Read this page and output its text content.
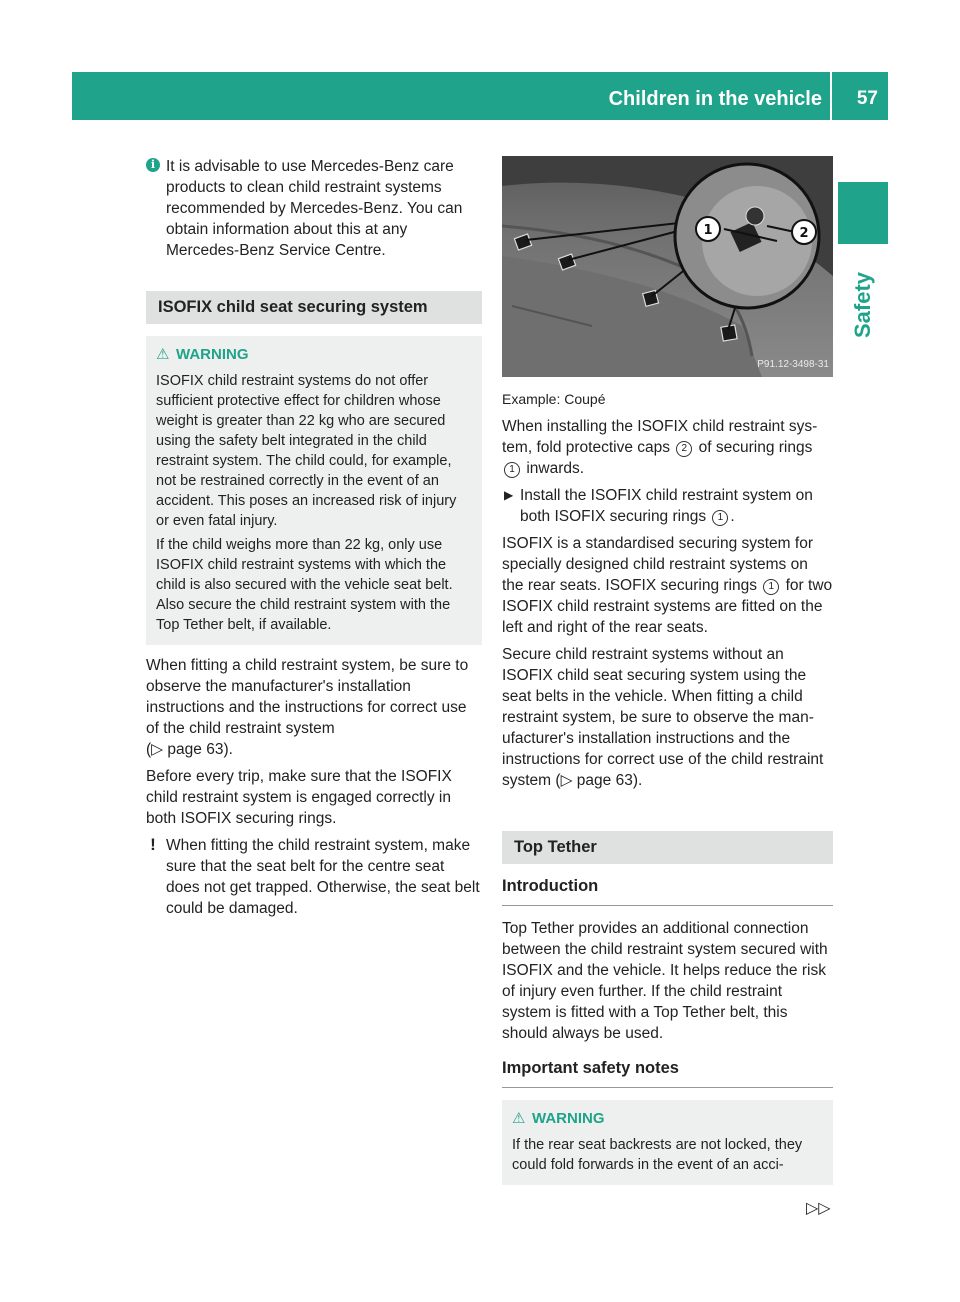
Children in the vehicle 57
Safety
i It is advisable to use Mercedes-Benz care products to clean child restraint systems recommended by Mercedes-Benz. You can obtain information about this at any Mercedes-Benz Service Centre.
ISOFIX child seat securing system
⚠ WARNING

ISOFIX child restraint systems do not offer sufficient protective effect for children whose weight is greater than 22 kg who are secured using the safety belt integrated in the child restraint system. The child could, for example, not be restrained correctly in the event of an accident. This poses an increased risk of injury or even fatal injury.

If the child weighs more than 22 kg, only use ISOFIX child restraint systems with which the child is also secured with the vehicle seat belt. Also secure the child restraint system with the Top Tether belt, if available.

When fitting a child restraint system, be sure to observe the manufacturer's installation instructions and the instructions for correct use of the child restraint system
(▷ page 63).

Before every trip, make sure that the ISOFIX child restraint system is engaged correctly in both ISOFIX securing rings.

! When fitting the child restraint system, make sure that the seat belt for the centre seat does not get trapped. Otherwise, the seat belt could be damaged.
1	2
P91.12-3498-31

Example: Coupé

When installing the ISOFIX child restraint sys- tem, fold protective caps 2 of securing rings 1 inwards.

▶ Install the ISOFIX child restraint system on both ISOFIX securing rings 1 .

ISOFIX is a standardised securing system for specially designed child restraint systems on the rear seats. ISOFIX securing rings 1 for two ISOFIX child restraint systems are fitted on the left and right of the rear seats.

Secure child restraint systems without an ISOFIX child seat securing system using the seat belts in the vehicle. When fitting a child restraint system, be sure to observe the man- ufacturer's installation instructions and the instructions for correct use of the child restraint system (▷ page 63).

Top Tether
Introduction

Top Tether provides an additional connection between the child restraint system secured with ISOFIX and the vehicle. It helps reduce the risk of injury even further. If the child restraint system is fitted with a Top Tether belt, this should always be used.

Important safety notes
⚠ WARNING

If the rear seat backrests are not locked, they could fold forwards in the event of an acci-

▷▷
